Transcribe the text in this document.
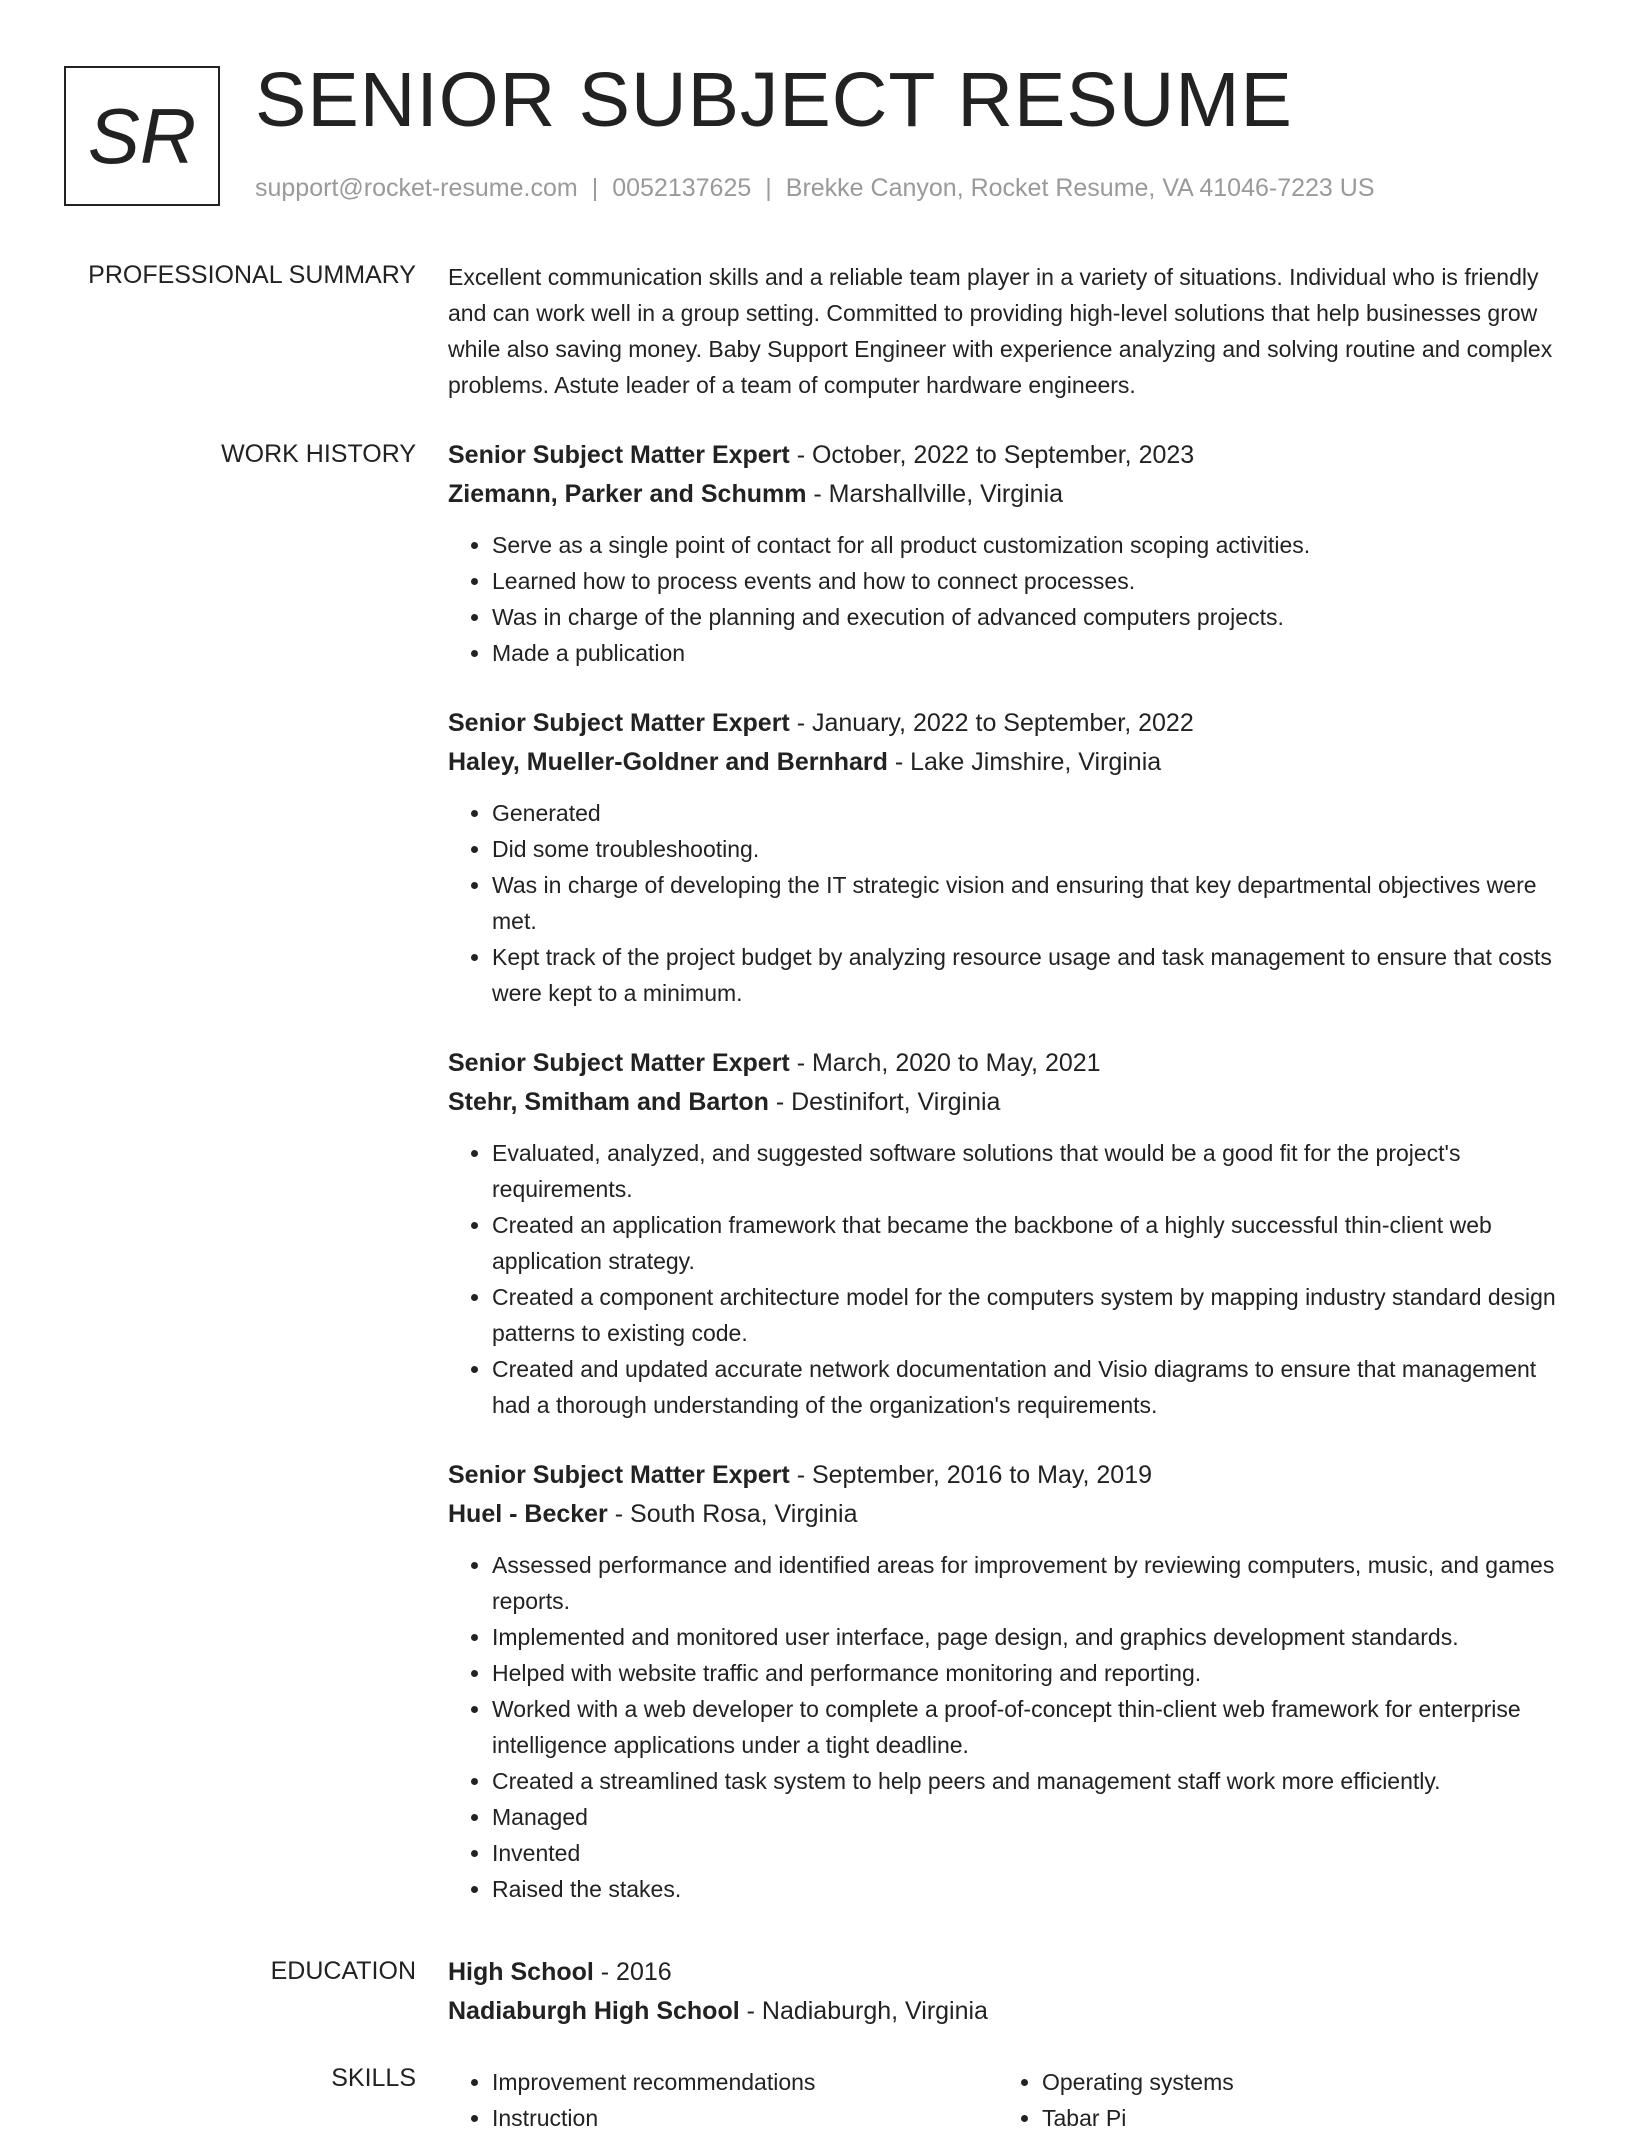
SR SENIOR SUBJECT RESUME
support@rocket-resume.com | 0052137625 | Brekke Canyon, Rocket Resume, VA 41046-7223 US
PROFESSIONAL SUMMARY Excellent communication skills and a reliable team player in a variety of situations. Individual who is friendly and can work well in a group setting. Committed to providing high-level solutions that help businesses grow while also saving money. Baby Support Engineer with experience analyzing and solving routine and complex problems. Astute leader of a team of computer hardware engineers.
WORK HISTORY Senior Subject Matter Expert - October, 2022 to September, 2023
Ziemann, Parker and Schumm - Marshallville, Virginia
• Serve as a single point of contact for all product customization scoping activities.
• Learned how to process events and how to connect processes.
• Was in charge of the planning and execution of advanced computers projects.
• Made a publication
Senior Subject Matter Expert - January, 2022 to September, 2022
Haley, Mueller-Goldner and Bernhard - Lake Jimshire, Virginia
• Generated
• Did some troubleshooting.
• Was in charge of developing the IT strategic vision and ensuring that key departmental objectives were met.
• Kept track of the project budget by analyzing resource usage and task management to ensure that costs were kept to a minimum.
Senior Subject Matter Expert - March, 2020 to May, 2021
Stehr, Smitham and Barton - Destinifort, Virginia
• Evaluated, analyzed, and suggested software solutions that would be a good fit for the project's requirements.
• Created an application framework that became the backbone of a highly successful thin-client web application strategy.
• Created a component architecture model for the computers system by mapping industry standard design patterns to existing code.
• Created and updated accurate network documentation and Visio diagrams to ensure that management had a thorough understanding of the organization's requirements.
Senior Subject Matter Expert - September, 2016 to May, 2019
Huel - Becker - South Rosa, Virginia
• Assessed performance and identified areas for improvement by reviewing computers, music, and games reports.
• Implemented and monitored user interface, page design, and graphics development standards.
• Helped with website traffic and performance monitoring and reporting.
• Worked with a web developer to complete a proof-of-concept thin-client web framework for enterprise intelligence applications under a tight deadline.
• Created a streamlined task system to help peers and management staff work more efficiently.
• Managed
• Invented
• Raised the stakes.
EDUCATION High School - 2016
Nadiaburgh High School - Nadiaburgh, Virginia
SKILLS
•	Improvement recommendations
• Instruction
• Operating systems
• Tabar Pi
